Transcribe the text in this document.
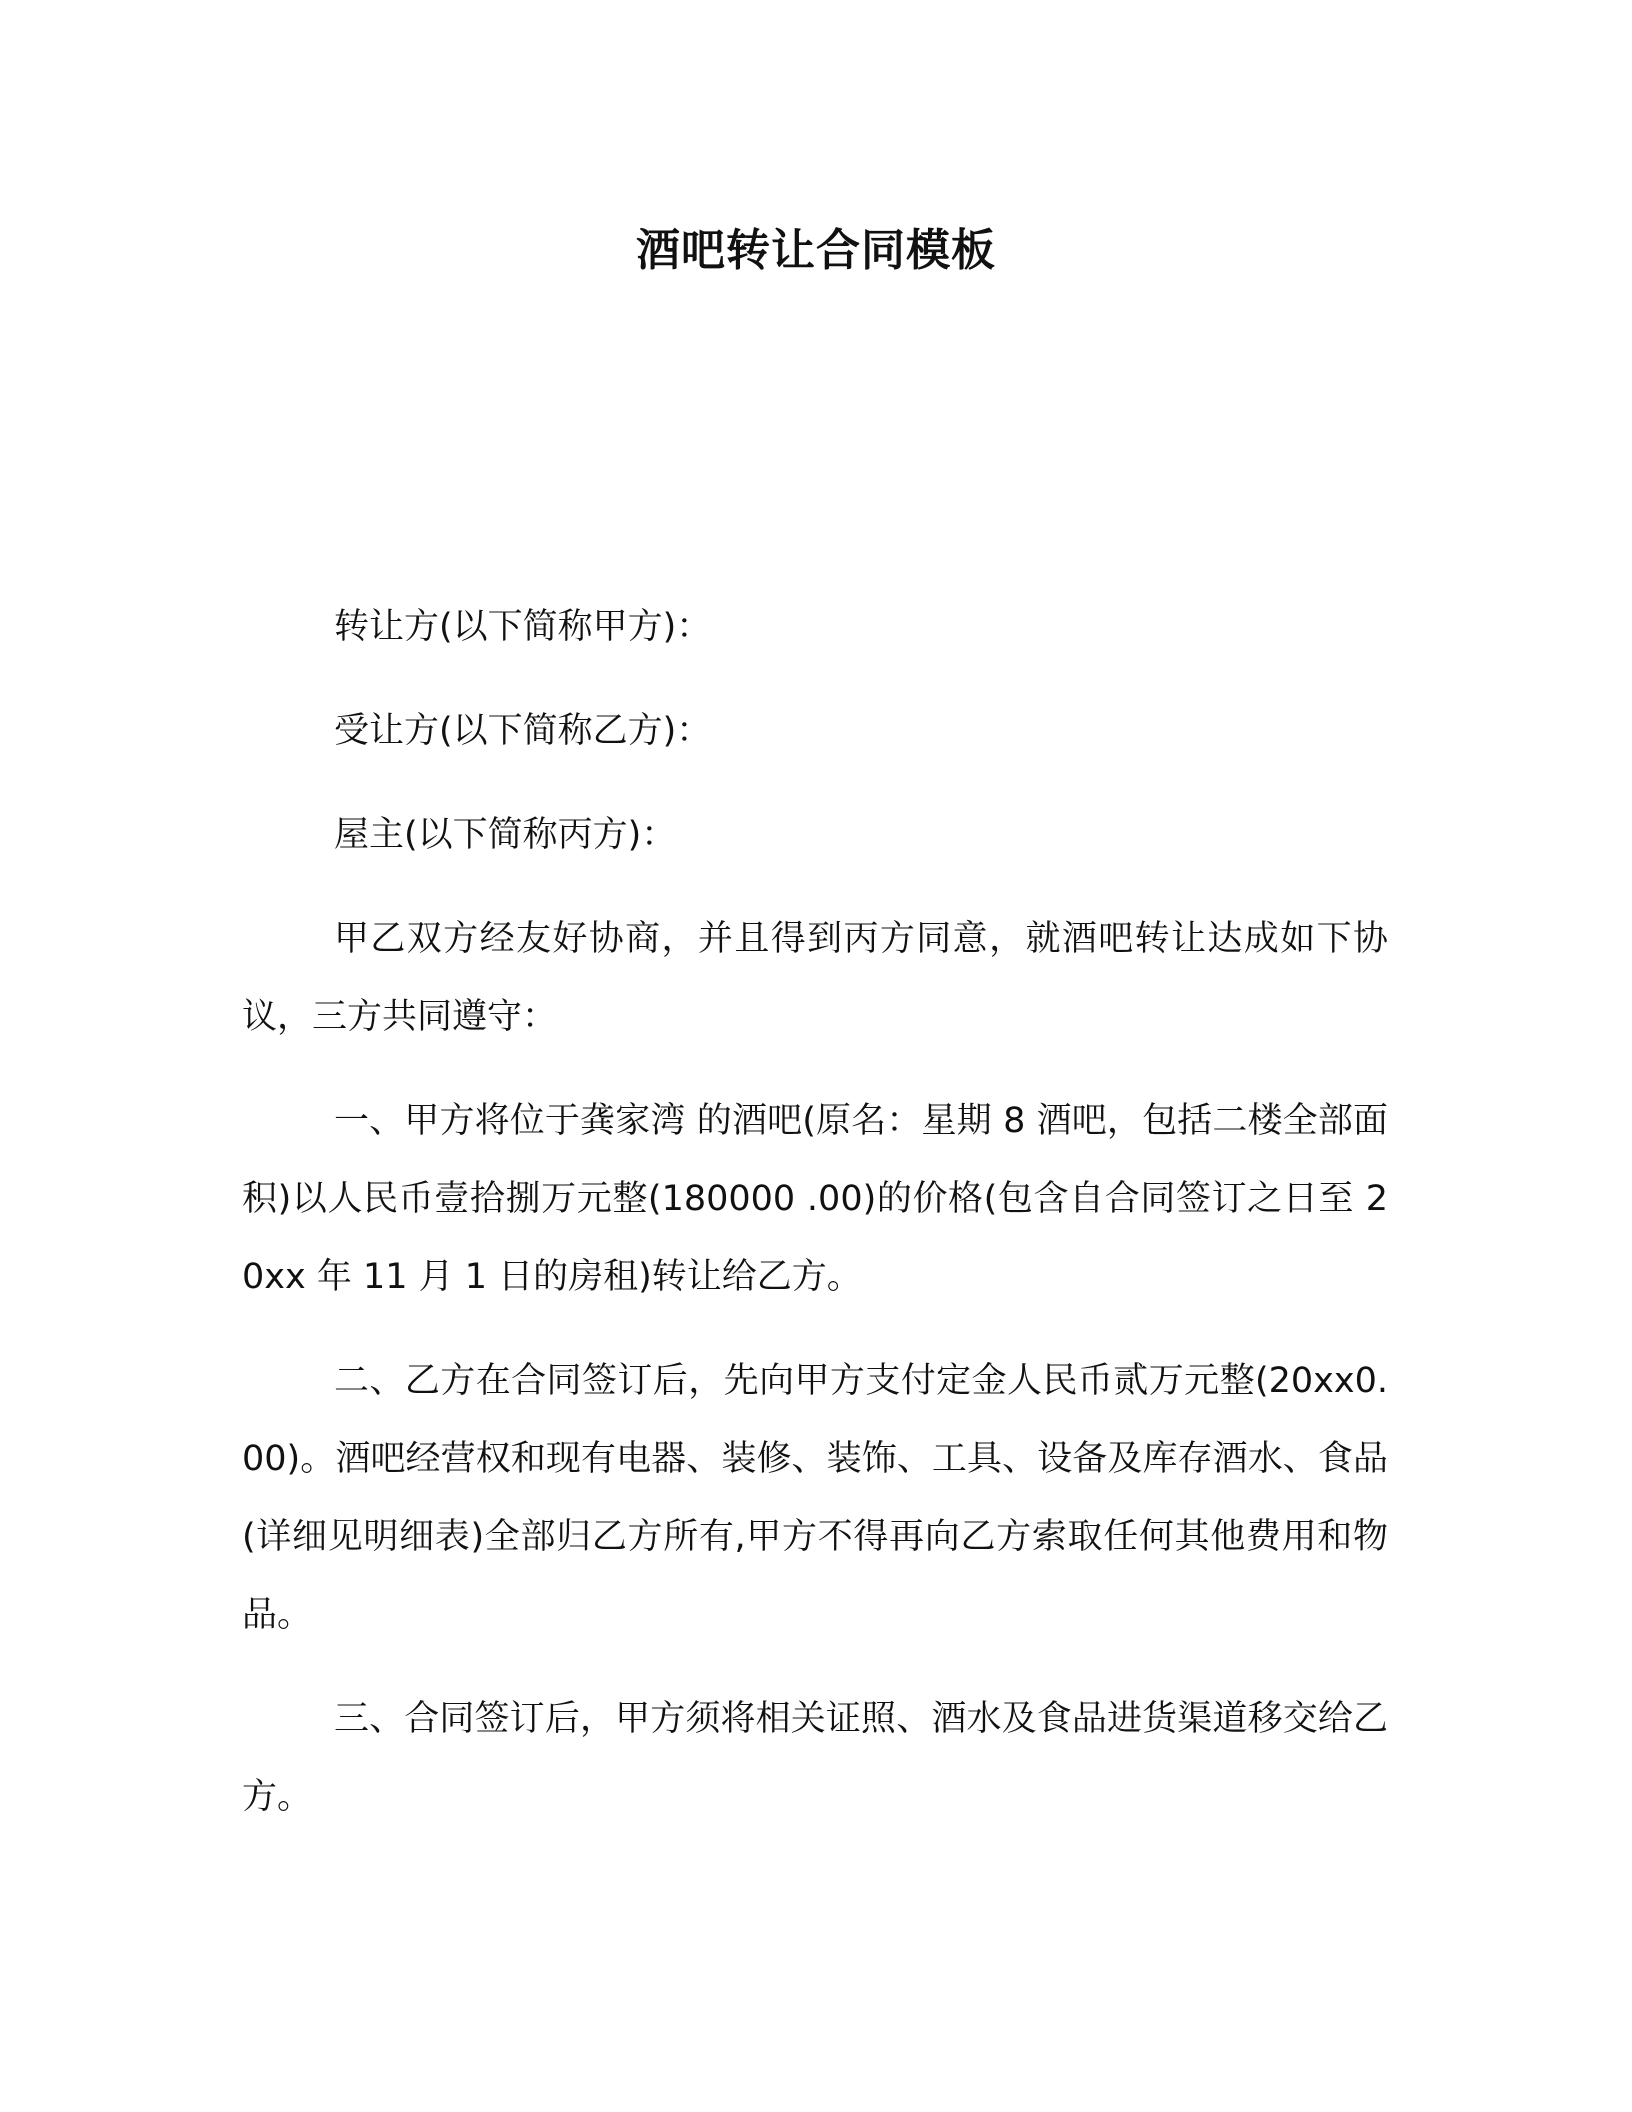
酒吧转让合同模板

转让方(以下简称甲方)：

受让方(以下简称乙方)：

屋主(以下简称丙方)：

甲乙双方经友好协商，并且得到丙方同意，就酒吧转让达成如下协议，三方共同遵守：

一、甲方将位于龚家湾 的酒吧(原名：星期 8 酒吧，包括二楼全部面积)以人民币壹拾捌万元整(180000 .00)的价格(包含自合同签订之日至 20xx 年 11 月 1 日的房租)转让给乙方。

二、乙方在合同签订后，先向甲方支付定金人民币贰万元整(20xx0.00)。酒吧经营权和现有电器、装修、装饰、工具、设备及库存酒水、食品(详细见明细表)全部归乙方所有,甲方不得再向乙方索取任何其他费用和物品。

三、合同签订后，甲方须将相关证照、酒水及食品进货渠道移交给乙方。
